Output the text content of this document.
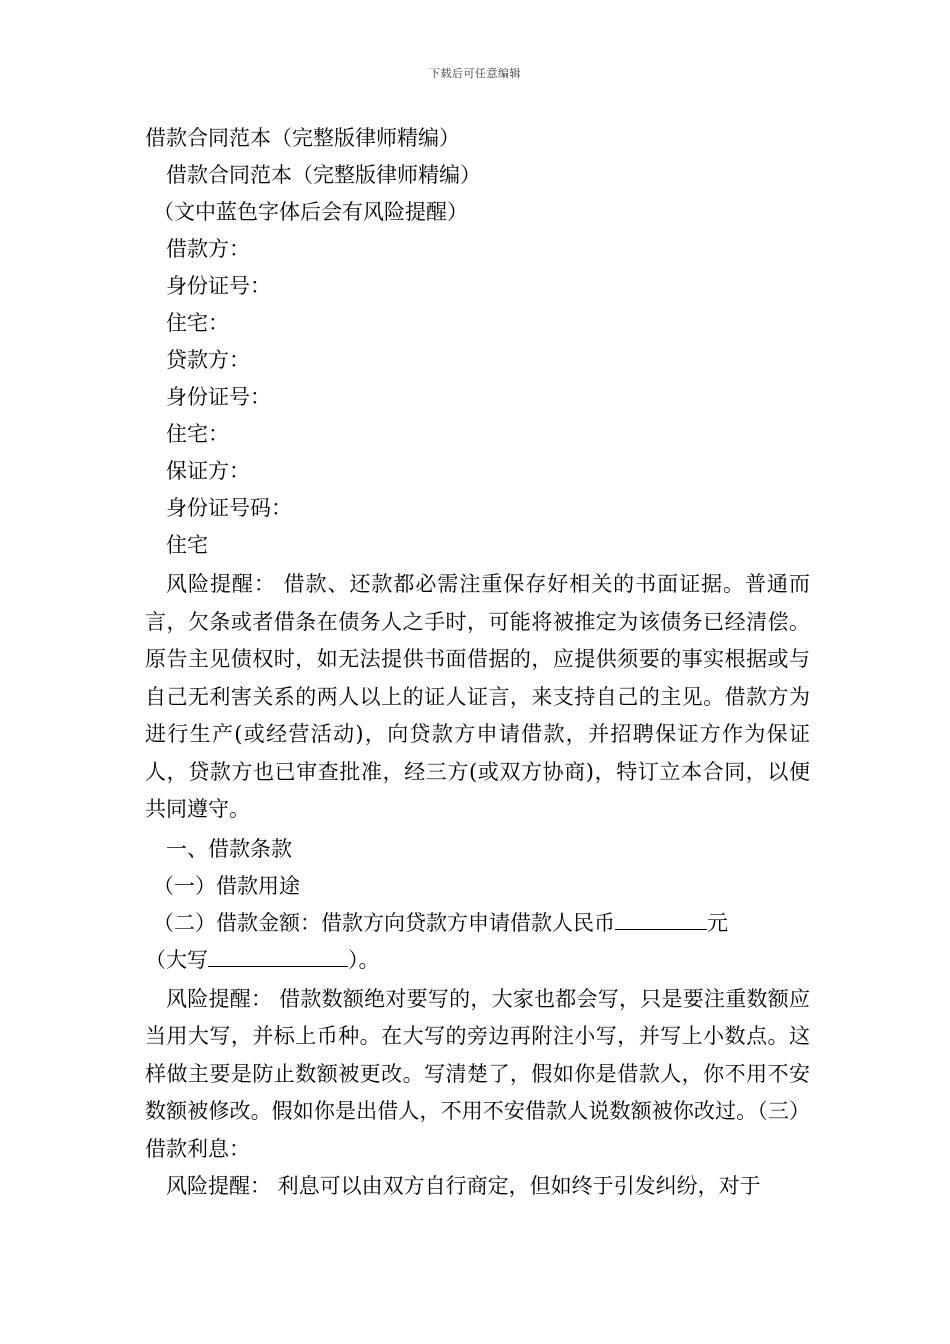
下载后可任意编辑
借款合同范本（完整版律师精编）
借款合同范本（完整版律师精编）
（文中蓝色字体后会有风险提醒）
借款方：
身份证号：
住宅：
贷款方：
身份证号：
住宅：
保证方：
身份证号码：
住宅

风险提醒： 借款、还款都必需注重保存好相关的书面证据。普通而言，欠条或者借条在债务人之手时，可能将被推定为该债务已经清偿。原告主见债权时，如无法提供书面借据的，应提供须要的事实根据或与自己无利害关系的两人以上的证人证言，来支持自己的主见。借款方为进行生产(或经营活动)，向贷款方申请借款，并招聘保证方作为保证人，贷款方也已审查批准，经三方(或双方协商)，特订立本合同，以便共同遵守。

一、借款条款
（一）借款用途
（二）借款金额：借款方向贷款方申请借款人民币	元
（大写	）。

风险提醒： 借款数额绝对要写的，大家也都会写，只是要注重数额应当用大写，并标上币种。在大写的旁边再附注小写，并写上小数点。这样做主要是防止数额被更改。写清楚了，假如你是借款人，你不用不安数额被修改。假如你是出借人，不用不安借款人说数额被你改过。（三）借款利息：

风险提醒： 利息可以由双方自行商定，但如终于引发纠纷，对于
